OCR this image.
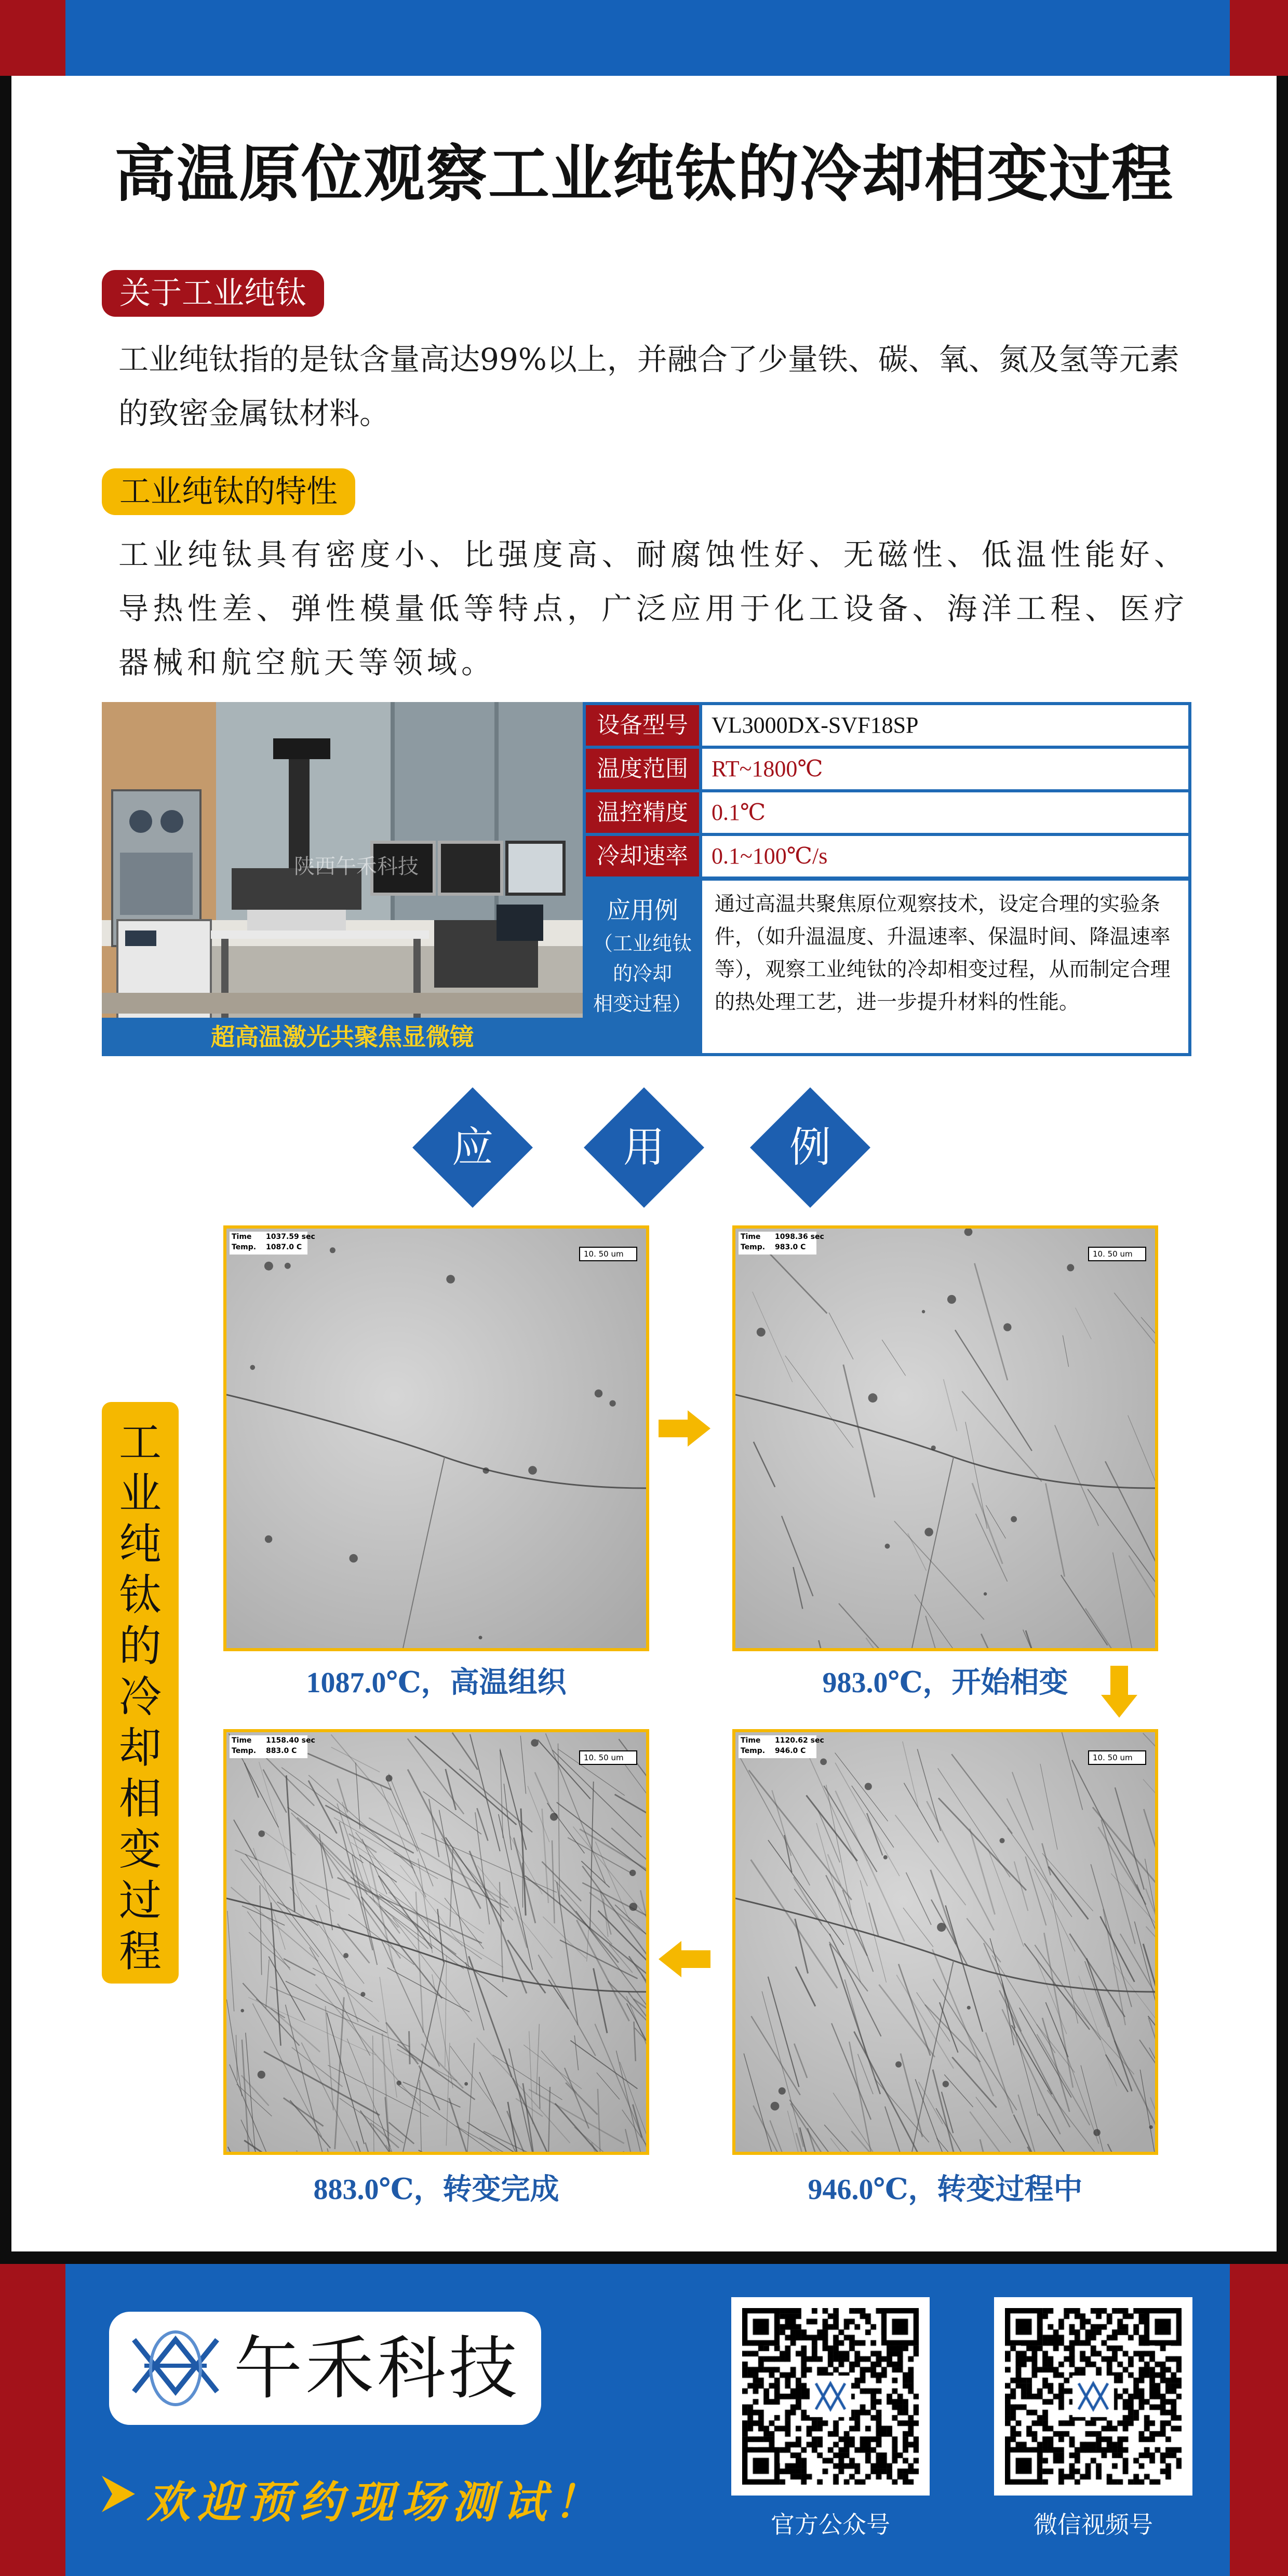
高温原位观察工业纯钛的冷却相变过程
关于工业纯钛
工业纯钛指的是钛含量高达99%以上，并融合了少量铁、碳、氧、氮及氢等元素的致密金属钛材料。
工业纯钛的特性
工业纯钛具有密度小、比强度高、耐腐蚀性好、无磁性、低温性能好、导热性差、弹性模量低等特点，广泛应用于化工设备、海洋工程、医疗器械和航空航天等领域。
陕西午禾科技
超高温激光共聚焦显微镜
设备型号	VL3000DX-SVF18SP
温度范围	RT~1800℃
温控精度	0.1℃
冷却速率	0.1~100℃/s
应用例
（工业纯钛
的冷却
相变过程）
通过高温共聚焦原位观察技术，设定合理的实验条件，（如升温温度、升温速率、保温时间、降温速率等），观察工业纯钛的冷却相变过程，从而制定合理的热处理工艺，进一步提升材料的性能。
应	用	例
工
业
纯
钛
的
冷
却
相
变
过
程
Time 1037.59 sec
Temp. 1087.0 C
10. 50 um
1087.0℃，高温组织
Time 1098.36 sec
Temp. 983.0 C
10. 50 um
983.0℃，开始相变
Time 1158.40 sec
Temp. 883.0 C
10. 50 um
883.0℃，转变完成
Time 1120.62 sec
Temp. 946.0 C
10. 50 um
946.0℃，转变过程中
午禾科技
欢迎预约现场测试！	官方公众号	微信视频号
